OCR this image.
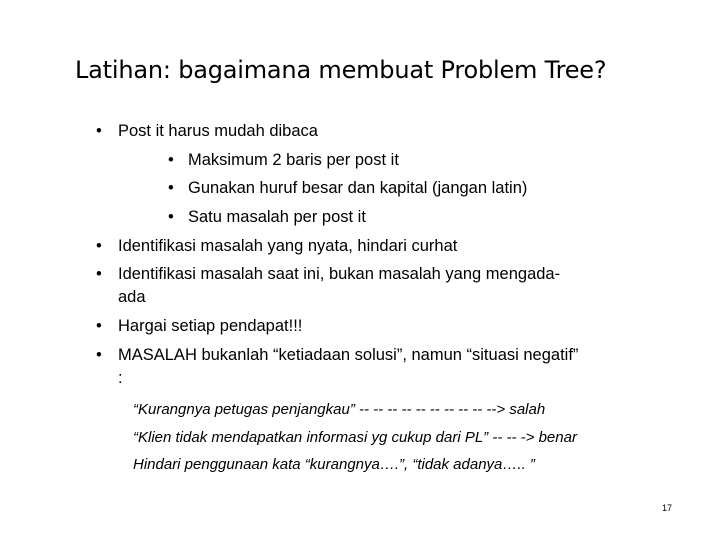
Latihan: bagaimana membuat Problem Tree?
• Post it harus mudah dibaca
• Maksimum 2 baris per post it
• Gunakan huruf besar dan kapital (jangan latin)
• Satu masalah per post it
• Identifikasi masalah yang nyata, hindari curhat
• Identifikasi masalah saat ini, bukan masalah yang mengada-
ada
• Hargai setiap pendapat!!!
• MASALAH bukanlah “ketiadaan solusi”, namun “situasi negatif”
:
“Kurangnya petugas penjangkau” -- -- -- -- -- -- -- -- -- --> salah
“Klien tidak mendapatkan informasi yg cukup dari PL” -- -- -> benar
Hindari penggunaan kata “kurangnya….”, “tidak adanya….. ”
17
